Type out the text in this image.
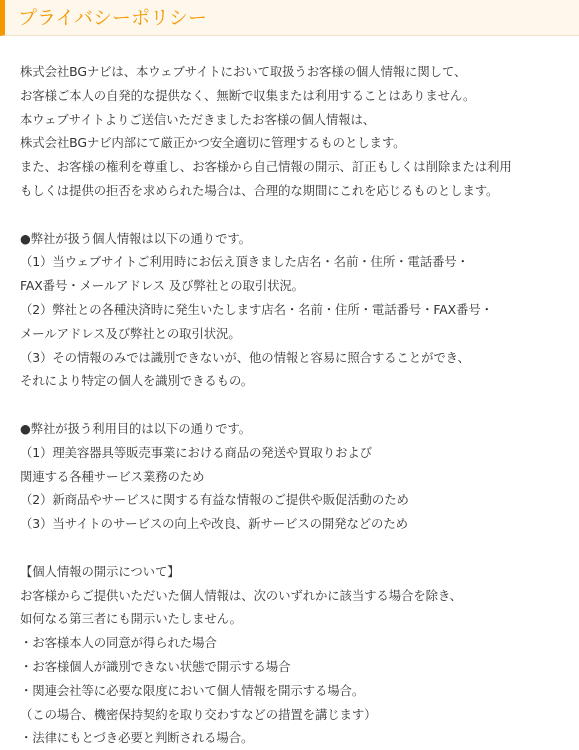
プライバシーポリシー
株式会社BGナビは、本ウェブサイトにおいて取扱うお客様の個人情報に関して、
お客様ご本人の自発的な提供なく、無断で収集または利用することはありません。
本ウェブサイトよりご送信いただきましたお客様の個人情報は、
株式会社BGナビ内部にて厳正かつ安全適切に管理するものとします。
また、お客様の権利を尊重し、お客様から自己情報の開示、訂正もしくは削除または利用
もしくは提供の拒否を求められた場合は、合理的な期間にこれを応じるものとします。
●弊社が扱う個人情報は以下の通りです。
（1）当ウェブサイトご利用時にお伝え頂きました店名・名前・住所・電話番号・
FAX番号・メールアドレス 及び弊社との取引状況。
（2）弊社との各種決済時に発生いたします店名・名前・住所・電話番号・FAX番号・
メールアドレス及び弊社との取引状況。
（3）その情報のみでは識別できないが、他の情報と容易に照合することができ、
それにより特定の個人を識別できるもの。
●弊社が扱う利用目的は以下の通りです。
（1）理美容器具等販売事業における商品の発送や買取りおよび
関連する各種サービス業務のため
（2）新商品やサービスに関する有益な情報のご提供や販促活動のため
（3）当サイトのサービスの向上や改良、新サービスの開発などのため
【個人情報の開示について】
お客様からご提供いただいた個人情報は、次のいずれかに該当する場合を除き、
如何なる第三者にも開示いたしません。
・お客様本人の同意が得られた場合
・お客様個人が識別できない状態で開示する場合
・関連会社等に必要な限度において個人情報を開示する場合。
（この場合、機密保持契約を取り交わすなどの措置を講じます）
・法律にもとづき必要と判断される場合。
